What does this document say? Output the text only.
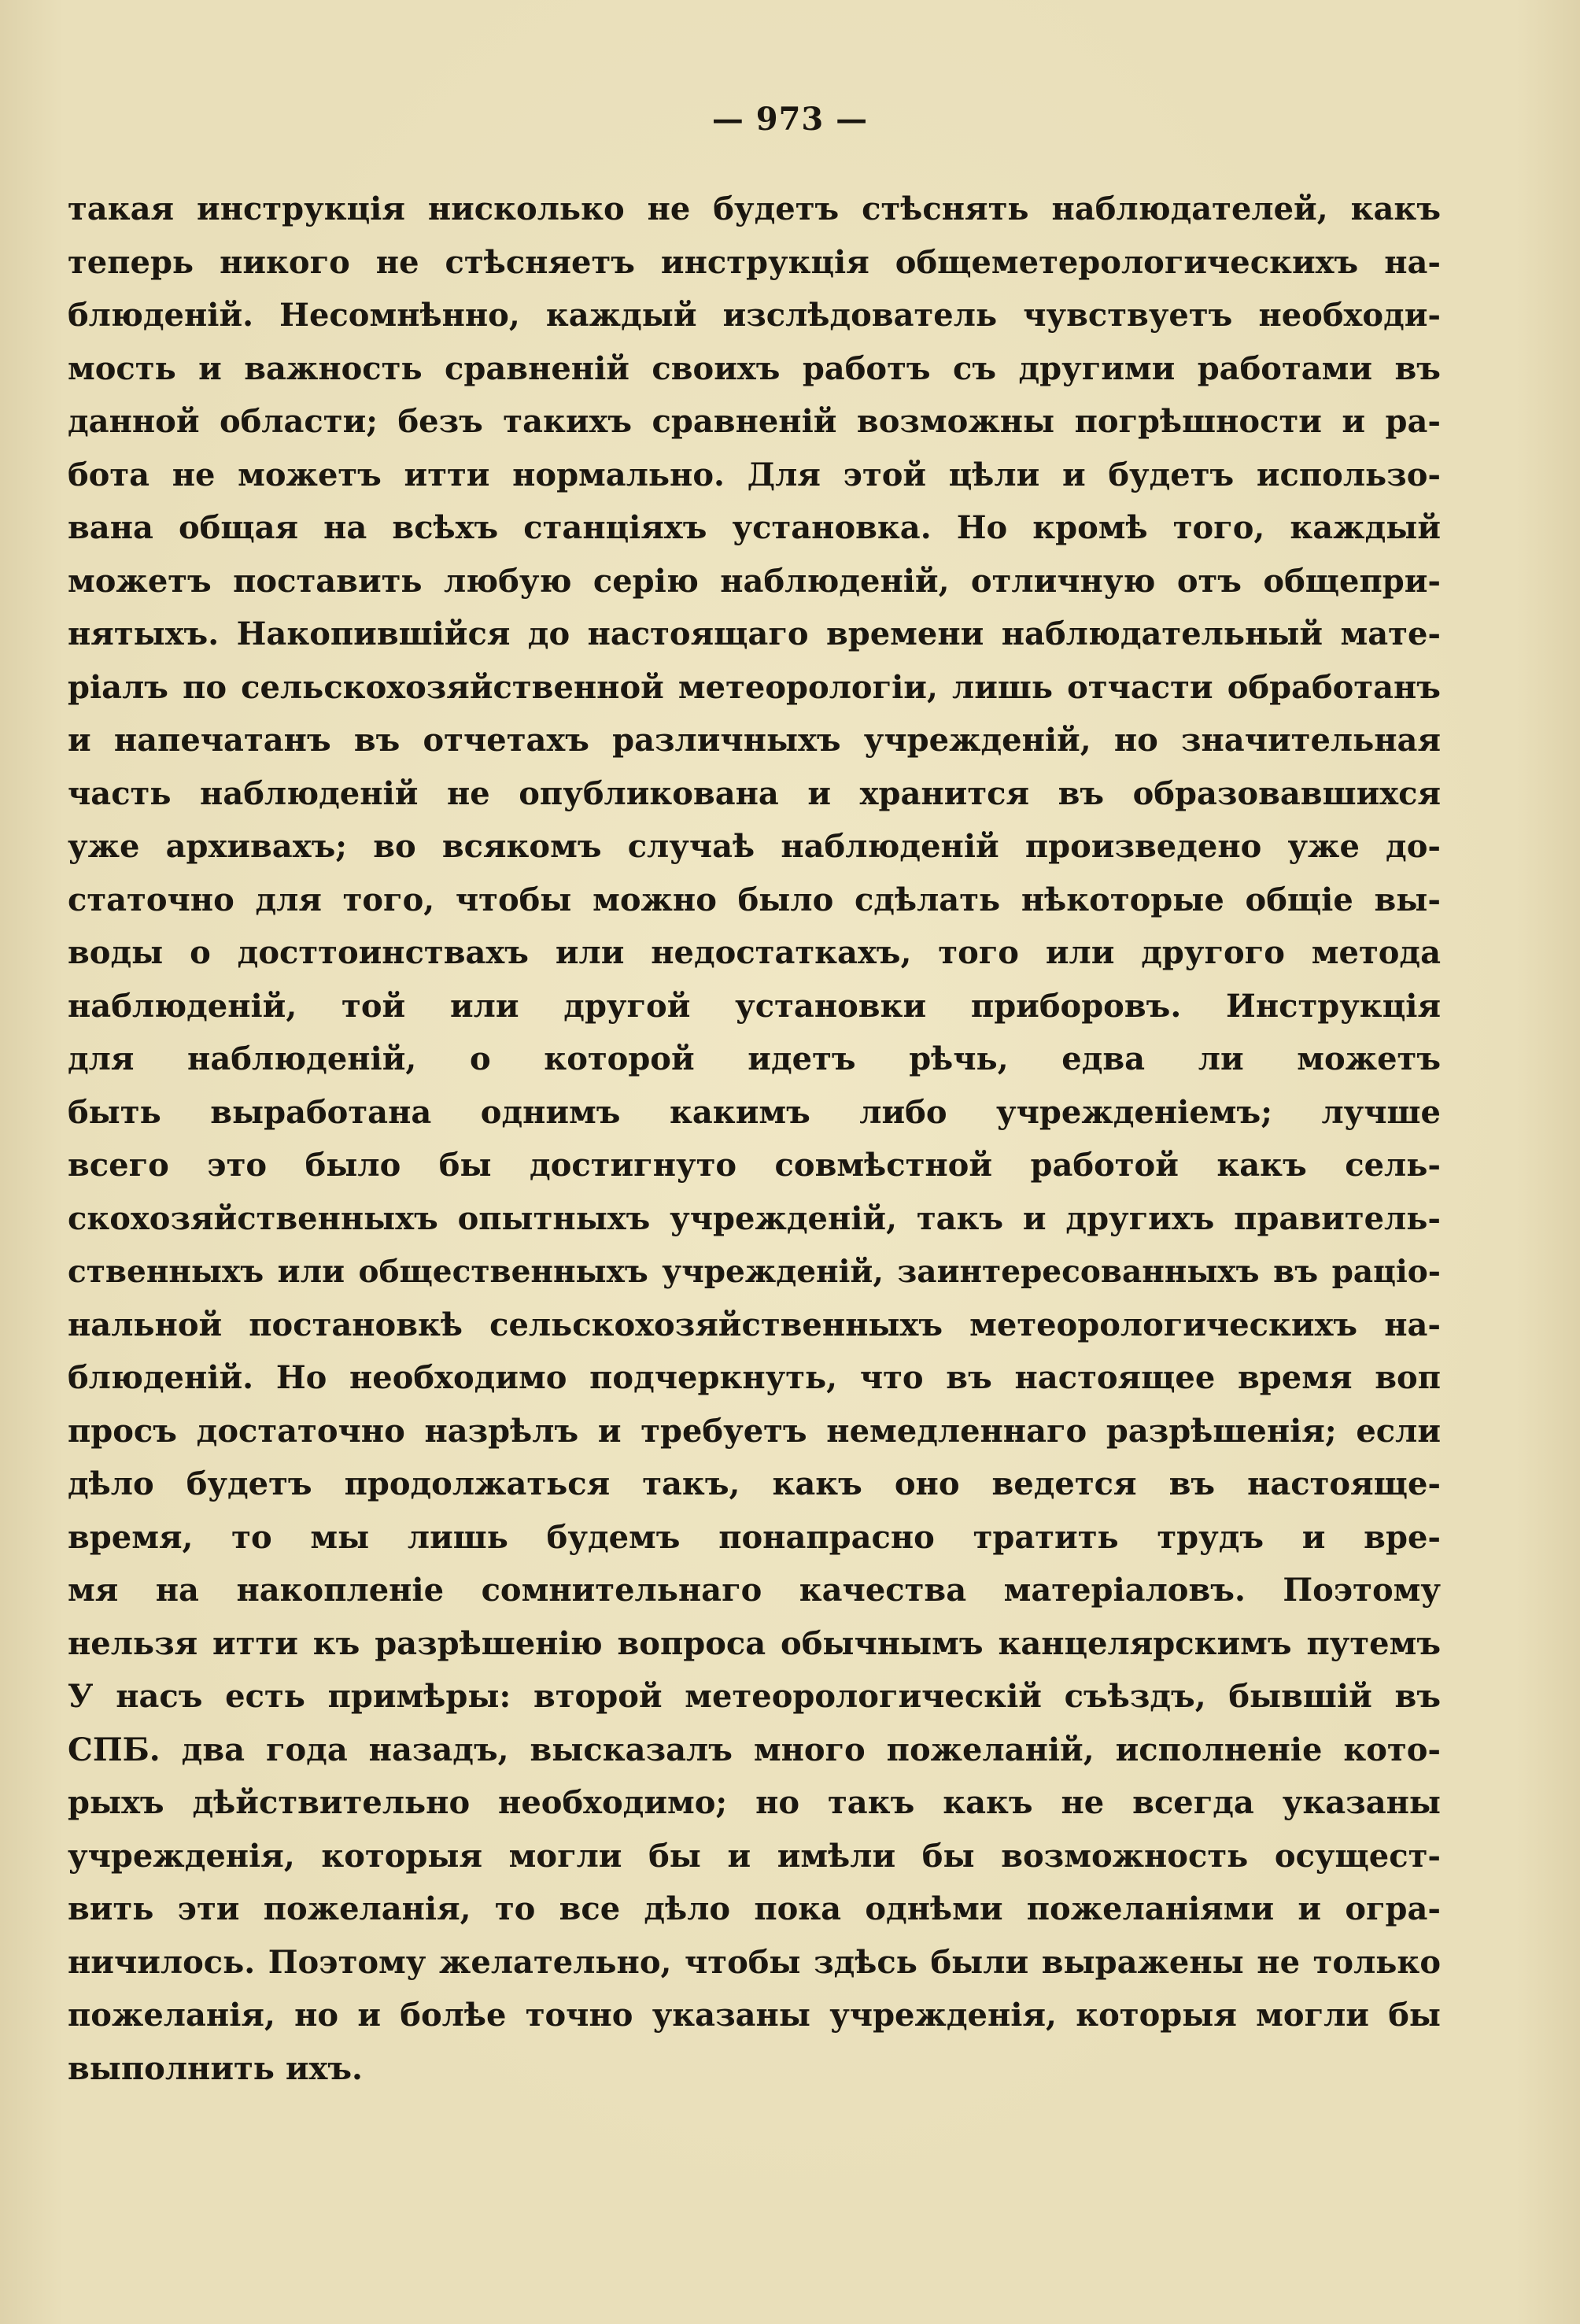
— 973 —
такая инструкція нисколько не будетъ стѣснять наблюдателей, какъ
теперь никого не стѣсняетъ инструкція общеметерологическихъ на-
блюденій. Несомнѣнно, каждый изслѣдователь чувствуетъ необходи-
мость и важность сравненій своихъ работъ съ другими работами въ
данной области; безъ такихъ сравненій возможны погрѣшности и ра-
бота не можетъ итти нормально. Для этой цѣли и будетъ использо-
вана общая на всѣхъ станціяхъ установка. Но кромѣ того, каждый
можетъ поставить любую серію наблюденій, отличную отъ общепри-
нятыхъ. Накопившійся до настоящаго времени наблюдательный мате-
ріалъ по сельскохозяйственной метеорологіи, лишь отчасти обработанъ
и напечатанъ въ отчетахъ различныхъ учрежденій, но значительная
часть наблюденій не опубликована и хранится въ образовавшихся
уже архивахъ; во всякомъ случаѣ наблюденій произведено уже до-
статочно для того, чтобы можно было сдѣлать нѣкоторые общіе вы-
воды о досттоинствахъ или недостаткахъ, того или другого метода
наблюденій, той или другой установки приборовъ. Инструкція
для наблюденій, о которой идетъ рѣчь, едва ли можетъ
быть выработана однимъ какимъ либо учрежденіемъ; лучше
всего это было бы достигнуто совмѣстной работой какъ сель-
скохозяйственныхъ опытныхъ учрежденій, такъ и другихъ правитель-
ственныхъ или общественныхъ учрежденій, заинтересованныхъ въ раціо-
нальной постановкѣ сельскохозяйственныхъ метеорологическихъ на-
блюденій. Но необходимо подчеркнуть, что въ настоящее время воп
просъ достаточно назрѣлъ и требуетъ немедленнаго разрѣшенія; если
дѣло будетъ продолжаться такъ, какъ оно ведется въ настояще-
время, то мы лишь будемъ понапрасно тратить трудъ и вре-
мя на накопленіе сомнительнаго качества матеріаловъ. Поэтому
нельзя итти къ разрѣшенію вопроса обычнымъ канцелярскимъ путемъ
У насъ есть примѣры: второй метеорологическій съѣздъ, бывшій въ
СПБ. два года назадъ, высказалъ много пожеланій, исполненіе кото-
рыхъ дѣйствительно необходимо; но такъ какъ не всегда указаны
учрежденія, которыя могли бы и имѣли бы возможность осущест-
вить эти пожеланія, то все дѣло пока однѣми пожеланіями и огра-
ничилось. Поэтому желательно, чтобы здѣсь были выражены не только
пожеланія, но и болѣе точно указаны учрежденія, которыя могли бы
выполнить ихъ.
